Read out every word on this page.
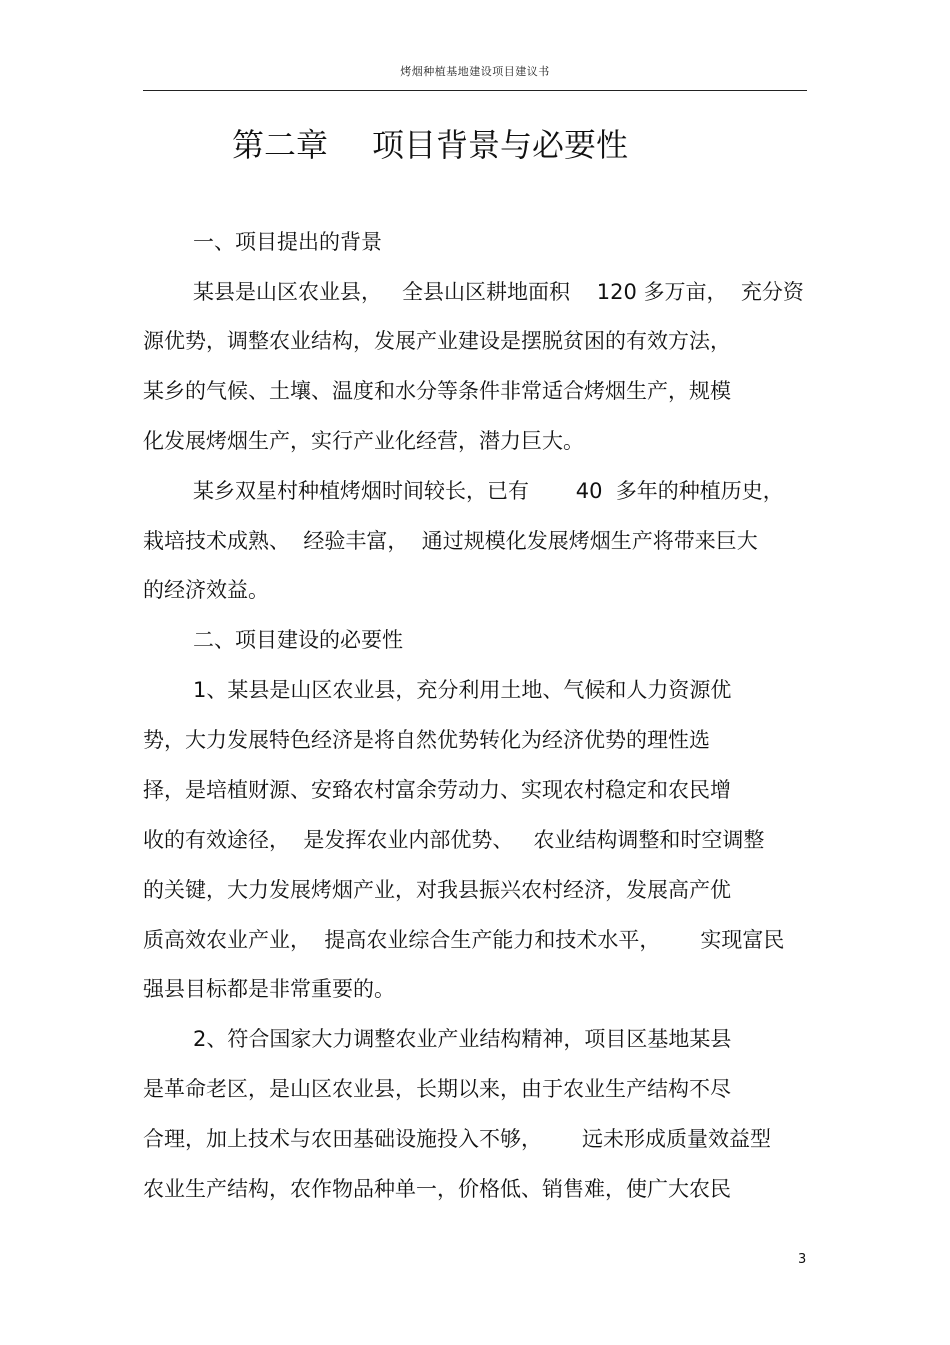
烤烟种植基地建设项目建议书
第二章 项目背景与必要性
一、项目提出的背景
某县是山区农业县，   全县山区耕地面积    120 多万亩，  充分资
源优势，调整农业结构，发展产业建设是摆脱贫困的有效方法，
某乡的气候、土壤、温度和水分等条件非常适合烤烟生产，规模
化发展烤烟生产，实行产业化经营，潜力巨大。
某乡双星村种植烤烟时间较长，已有       40  多年的种植历史，
栽培技术成熟、  经验丰富，  通过规模化发展烤烟生产将带来巨大
的经济效益。
二、项目建设的必要性
1、某县是山区农业县，充分利用土地、气候和人力资源优
势，大力发展特色经济是将自然优势转化为经济优势的理性选
择，是培植财源、安臵农村富余劳动力、实现农村稳定和农民增
收的有效途径，  是发挥农业内部优势、   农业结构调整和时空调整
的关键，大力发展烤烟产业，对我县振兴农村经济，发展高产优
质高效农业产业，  提高农业综合生产能力和技术水平，      实现富民
强县目标都是非常重要的。
2、符合国家大力调整农业产业结构精神，项目区基地某县
是革命老区，是山区农业县，长期以来，由于农业生产结构不尽
合理，加上技术与农田基础设施投入不够，      远未形成质量效益型
农业生产结构，农作物品种单一，价格低、销售难，使广大农民
3
